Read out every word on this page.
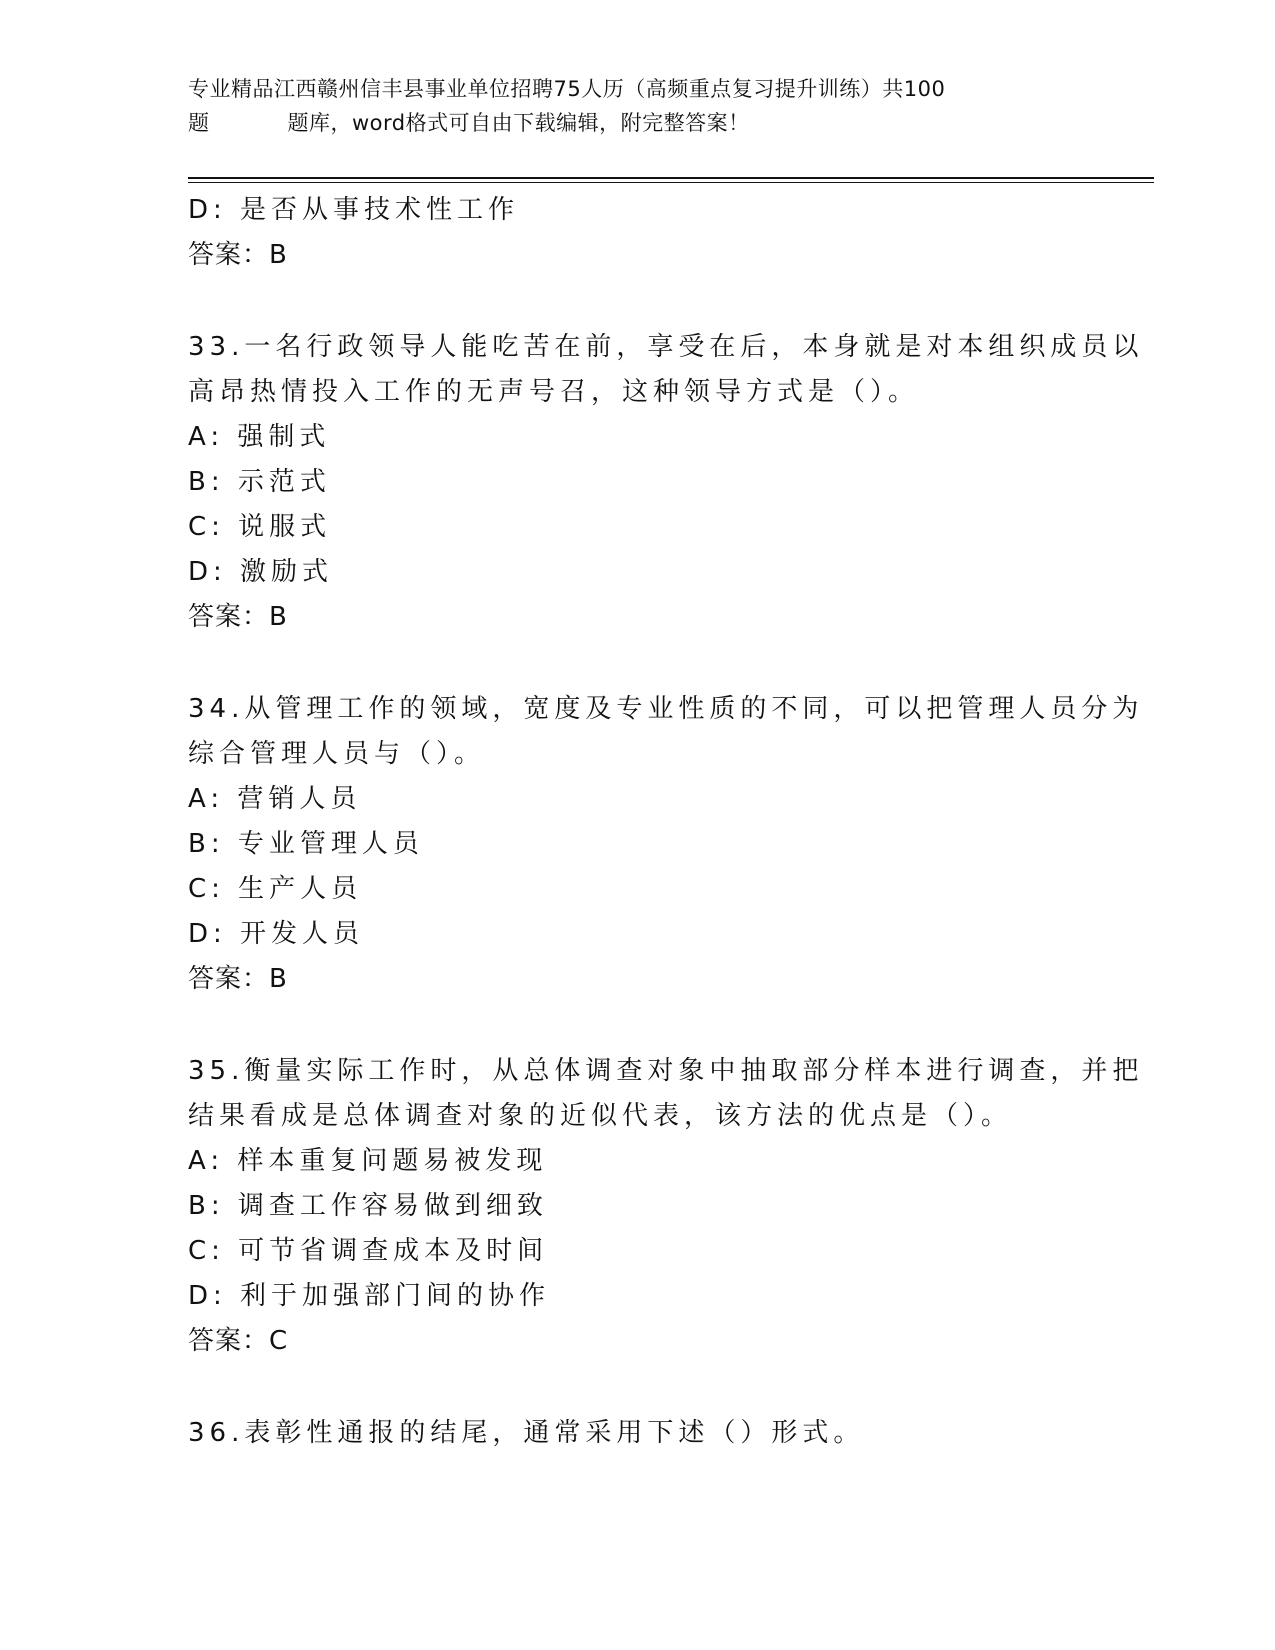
专业精品江西赣州信丰县事业单位招聘75人历（高频重点复习提升训练）共100
题	题库，word格式可自由下载编辑，附完整答案！
D: 是否从事技术性工作
答案：B
33.一名行政领导人能吃苦在前，享受在后，本身就是对本组织成员以
高昂热情投入工作的无声号召，这种领导方式是（）。
A: 强制式
B: 示范式
C: 说服式
D: 激励式
答案：B
34.从管理工作的领域，宽度及专业性质的不同，可以把管理人员分为
综合管理人员与（）。
A: 营销人员
B: 专业管理人员
C: 生产人员
D: 开发人员
答案：B
35.衡量实际工作时，从总体调查对象中抽取部分样本进行调查，并把
结果看成是总体调查对象的近似代表，该方法的优点是（）。
A: 样本重复问题易被发现
B: 调查工作容易做到细致
C: 可节省调查成本及时间
D: 利于加强部门间的协作
答案：C
36.表彰性通报的结尾，通常采用下述（）形式。
